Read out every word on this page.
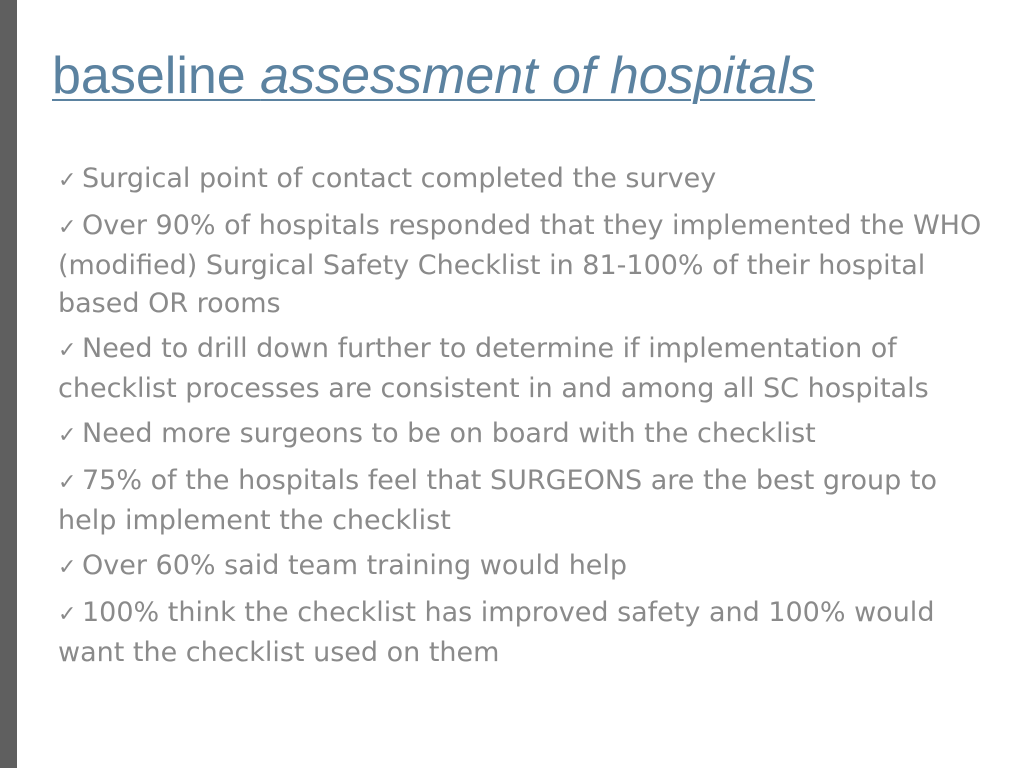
baseline assessment of hospitals
✓ Surgical point of contact completed the survey
✓ Over 90% of hospitals responded that they implemented the WHO (modified) Surgical Safety Checklist in 81-100% of their hospital based OR rooms
✓ Need to drill down further to determine if implementation of checklist processes are consistent in and among all SC hospitals
✓ Need more surgeons to be on board with the checklist
✓ 75% of the hospitals feel that SURGEONS are the best group to help implement the checklist
✓ Over 60% said team training would help
✓ 100% think the checklist has improved safety and 100% would want the checklist used on them
